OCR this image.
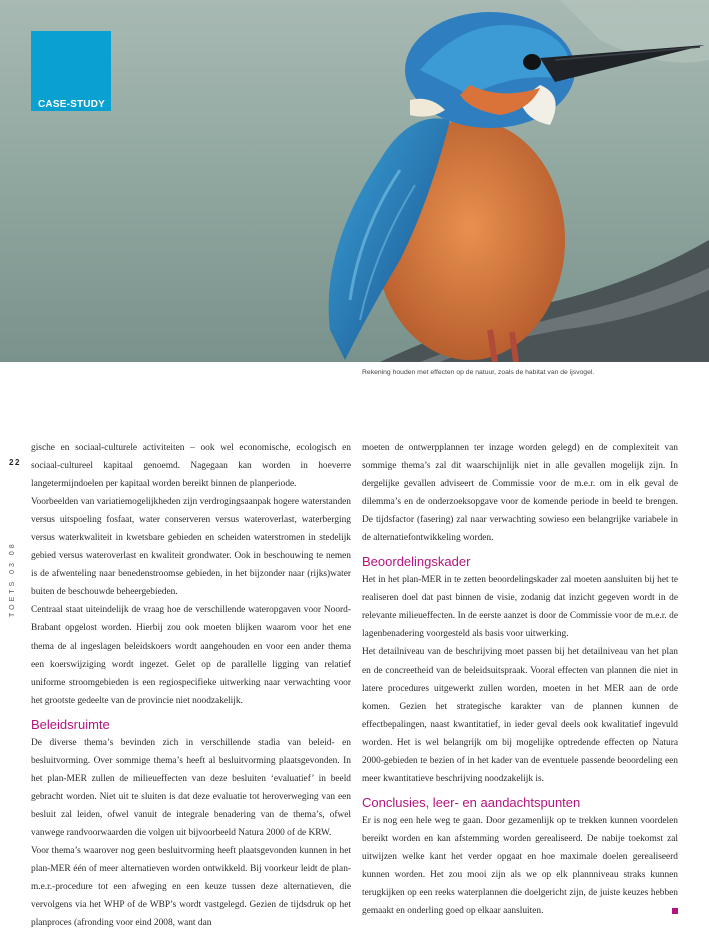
CASE-STUDY
Rekening houden met effecten op de natuur, zoals de habitat van de ijsvogel.
22
TOETS 03 08

gische en sociaal-culturele activiteiten – ook wel economische, ecologisch en sociaal-cultureel kapitaal genoemd. Nagegaan kan worden in hoeverre langetermijndoelen per kapitaal worden bereikt binnen de planperiode.

Voorbeelden van variatiemogelijkheden zijn verdrogingsaanpak hogere waterstanden versus uitspoeling fosfaat, water conserveren versus wateroverlast, waterberging versus waterkwaliteit in kwetsbare gebieden en scheiden waterstromen in stedelijk gebied versus wateroverlast en kwaliteit grondwater. Ook in beschouwing te nemen is de afwenteling naar benedenstroomse gebieden, in het bijzonder naar (rijks)water buiten de beschouwde beheergebieden.

Centraal staat uiteindelijk de vraag hoe de verschillende wateropgaven voor Noord-Brabant opgelost worden. Hierbij zou ook moeten blijken waarom voor het ene thema de al ingeslagen beleidskoers wordt aangehouden en voor een ander thema een koerswijziging wordt ingezet. Gelet op de parallelle ligging van relatief uniforme stroomgebieden is een regiospecifieke uitwerking naar verwachting voor het grootste gedeelte van de provincie niet noodzakelijk.

Beleidsruimte

De diverse thema’s bevinden zich in verschillende stadia van beleid- en besluitvorming. Over sommige thema’s heeft al besluitvorming plaatsgevonden. In het plan-MER zullen de milieueffecten van deze besluiten ‘evaluatief’ in beeld gebracht worden. Niet uit te sluiten is dat deze evaluatie tot heroverweging van een besluit zal leiden, ofwel vanuit de integrale benadering van de thema’s, ofwel vanwege randvoorwaarden die volgen uit bijvoorbeeld Natura 2000 of de KRW.

Voor thema’s waarover nog geen besluitvorming heeft plaatsgevonden kunnen in het plan-MER één of meer alternatieven worden ontwikkeld. Bij voorkeur leidt de plan-m.e.r.-procedure tot een afweging en een keuze tussen deze alternatieven, die vervolgens via het WHP of de WBP’s wordt vastgelegd. Gezien de tijdsdruk op het planproces (afronding voor eind 2008, want dan

moeten de ontwerpplannen ter inzage worden gelegd) en de complexiteit van sommige thema’s zal dit waarschijnlijk niet in alle gevallen mogelijk zijn. In dergelijke gevallen adviseert de Commissie voor de m.e.r. om in elk geval de dilemma’s en de onderzoeksopgave voor de komende periode in beeld te brengen. De tijdsfactor (fasering) zal naar verwachting sowieso een belangrijke variabele in de alternatiefontwikkeling worden.

Beoordelingskader

Het in het plan-MER in te zetten beoordelingskader zal moeten aansluiten bij het te realiseren doel dat past binnen de visie, zodanig dat inzicht gegeven wordt in de relevante milieueffecten. In de eerste aanzet is door de Commissie voor de m.e.r. de lagenbenadering voorgesteld als basis voor uitwerking.

Het detailniveau van de beschrijving moet passen bij het detailniveau van het plan en de concreetheid van de beleidsuitspraak. Vooral effecten van plannen die niet in latere procedures uitgewerkt zullen worden, moeten in het MER aan de orde komen. Gezien het strategische karakter van de plannen kunnen de effectbepalingen, naast kwantitatief, in ieder geval deels ook kwalitatief ingevuld worden. Het is wel belangrijk om bij mogelijke optredende effecten op Natura 2000-gebieden te bezien of in het kader van de eventuele passende beoordeling een meer kwantitatieve beschrijving noodzakelijk is.

Conclusies, leer- en aandachtspunten

Er is nog een hele weg te gaan. Door gezamenlijk op te trekken kunnen voordelen bereikt worden en kan afstemming worden gerealiseerd. De nabije toekomst zal uitwijzen welke kant het verder opgaat en hoe maximale doelen gerealiseerd kunnen worden. Het zou mooi zijn als we op elk plannniveau straks kunnen terugkijken op een reeks waterplannen die doelgericht zijn, de juiste keuzes hebben gemaakt en onderling goed op elkaar aansluiten.
